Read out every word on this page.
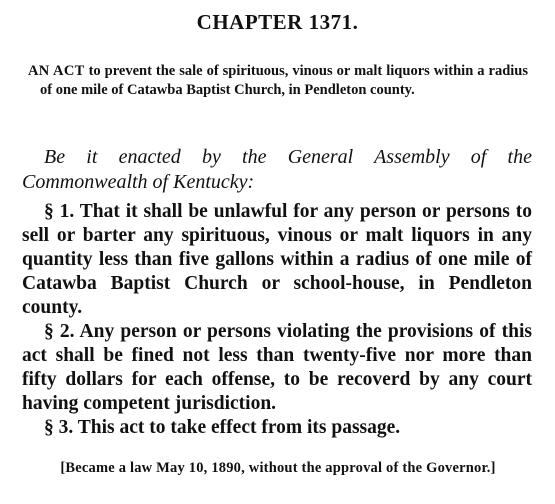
CHAPTER 1371.
AN ACT to prevent the sale of spirituous, vinous or malt liquors within a radius of one mile of Catawba Baptist Church, in Pendleton county.
Be it enacted by the General Assembly of the Commonwealth of Kentucky:

§ 1. That it shall be unlawful for any person or persons to sell or barter any spirituous, vinous or malt liquors in any quantity less than five gallons within a radius of one mile of Catawba Baptist Church or school-house, in Pendleton county.

§ 2. Any person or persons violating the provisions of this act shall be fined not less than twenty-five nor more than fifty dollars for each offense, to be recoverd by any court having competent jurisdiction.

§ 3. This act to take effect from its passage.

[Became a law May 10, 1890, without the approval of the Governor.]
